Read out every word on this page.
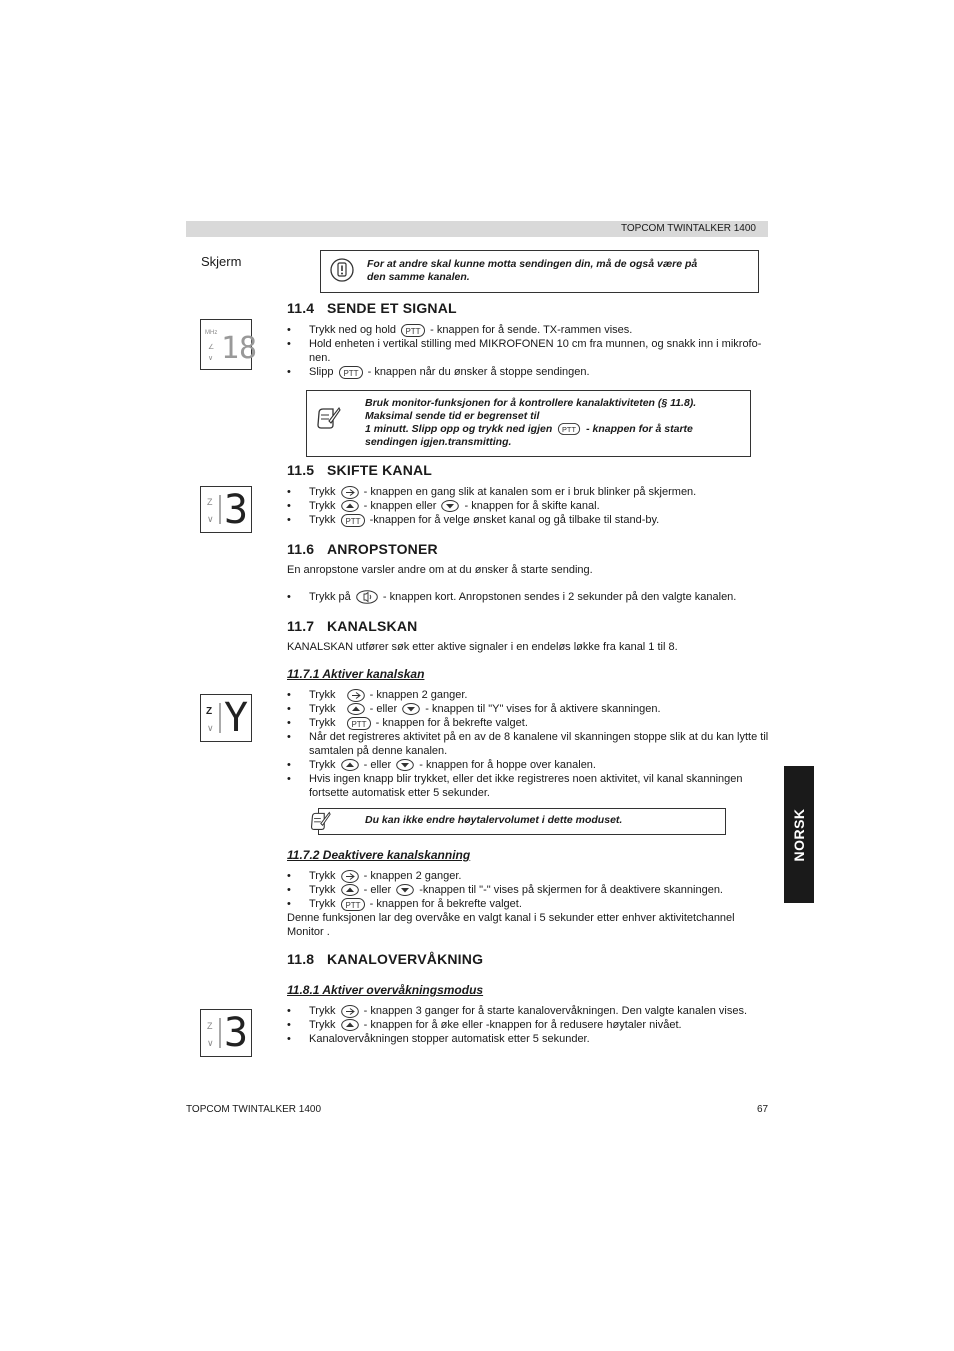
TOPCOM TWINTALKER 1400
Skjerm	For at andre skal kunne motta sendingen din, må de også være på
den samme kanalen.
11.4 SENDE ET SIGNAL
MHz
∠
∨ 18
• Trykk ned og hold PTT - knappen for å sende. TX-rammen vises.
• Hold enheten i vertikal stilling med MIKROFONEN 10 cm fra munnen, og snakk inn i mikrofo-nen.
• Slipp PTT - knappen når du ønsker å stoppe sendingen.
Bruk monitor-funksjonen for å kontrollere kanalaktiviteten (§ 11.8).
Maksimal sende tid er begrenset til
1 minutt. Slipp opp og trykk ned igjen PTT - knappen for å starte
sendingen igjen.transmitting.
11.5 SKIFTE KANAL
Z
∨ 3	• Trykk	- knappen en gang slik at kanalen som er i bruk blinker på skjermen.
• Trykk	- knappen eller	- knappen for å skifte kanal.
• Trykk PTT -knappen for å velge ønsket kanal og gå tilbake til stand-by.
11.6 ANROPSTONER
En anropstone varsler andre om at du ønsker å starte sending.
• Trykk på	- knappen kort. Anropstonen sendes i 2 sekunder på den valgte kanalen.
11.7 KANALSKAN
KANALSKAN utfører søk etter aktive signaler i en endeløs løkke fra kanal 1 til 8.
11.7.1 Aktiver kanalskan
Z
∨ Y	• Trykk	- knappen 2 ganger.
• Trykk	- eller	- knappen til "Y" vises for å aktivere skanningen.
• Trykk PTT - knappen for å bekrefte valget.
• Når det registreres aktivitet på en av de 8 kanalene vil skanningen stoppe slik at du kan lytte til samtalen på denne kanalen.
• Trykk	- eller	- knappen for å hoppe over kanalen.
• Hvis ingen knapp blir trykket, eller det ikke registreres noen aktivitet, vil kanal skanningen fortsette automatisk etter 5 sekunder.
Du kan ikke endre høytalervolumet i dette moduset.
11.7.2 Deaktivere kanalskanning
• Trykk	- knappen 2 ganger.
• Trykk	- eller	-knappen til "-" vises på skjermen for å deaktivere skanningen.
• Trykk PTT - knappen for å bekrefte valget.
Denne funksjonen lar deg overvåke en valgt kanal i 5 sekunder etter enhver aktivitetchannel Monitor .
11.8 KANALOVERVÅKNING
11.8.1 Aktiver overvåkningsmodus
Z
∨ 3	• Trykk	- knappen 3 ganger for å starte kanalovervåkningen. Den valgte kanalen vises.
• Trykk	- knappen for å øke eller -knappen for å redusere høytaler nivået.
• Kanalovervåkningen stopper automatisk etter 5 sekunder.
NORSK
TOPCOM TWINTALKER 1400	67
